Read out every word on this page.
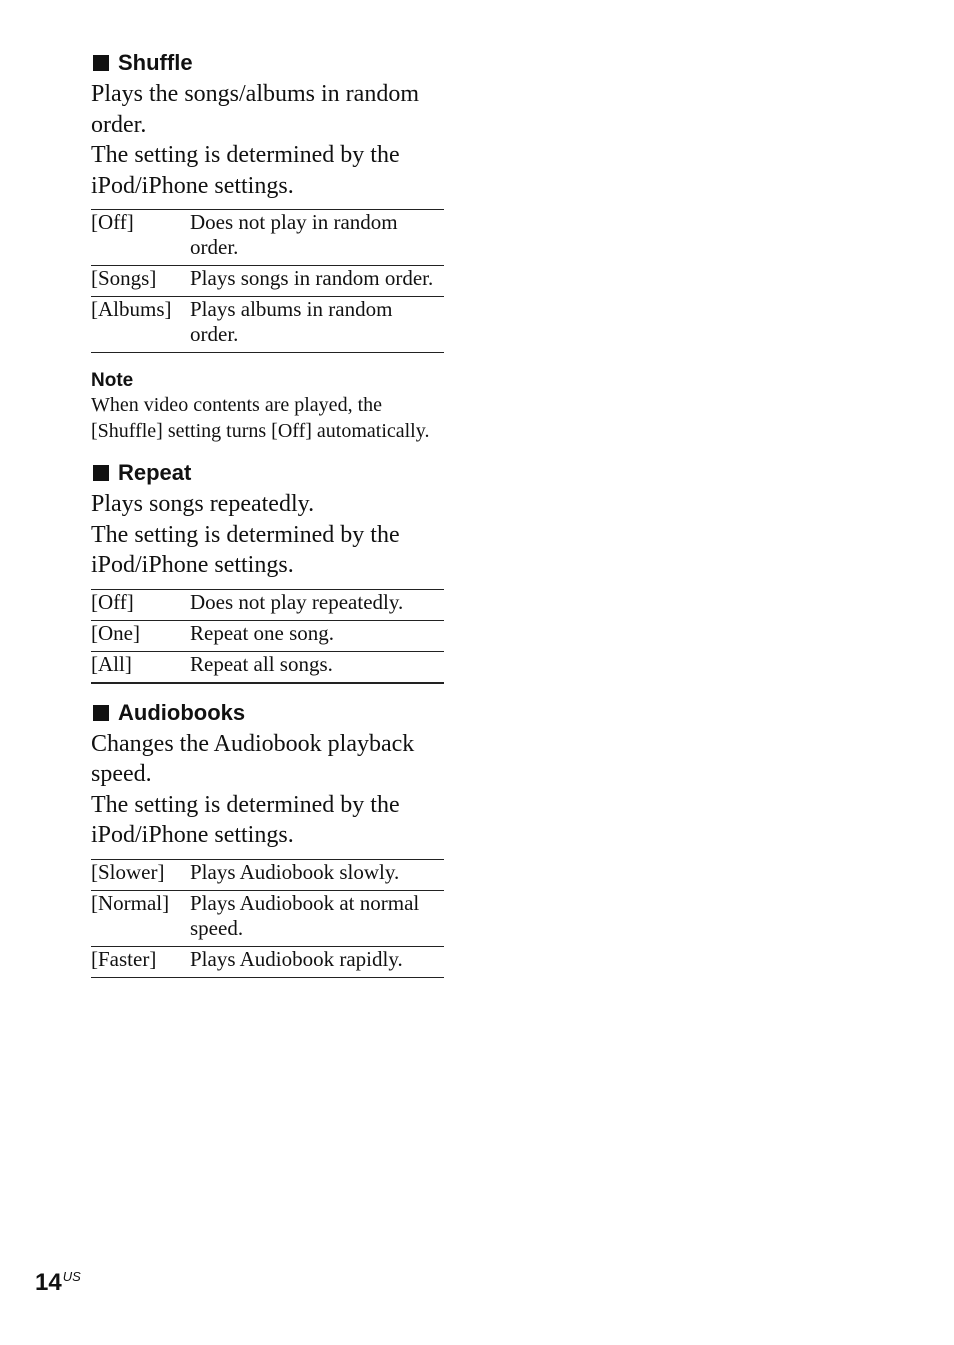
Shuffle

Plays the songs/albums in random order.

The setting is determined by the iPod/iPhone settings.

[Off]	Does not play in random order.
[Songs]	Plays songs in random order.
[Albums]	Plays albums in random order.

Note

When video contents are played, the [Shuffle] setting turns [Off] automatically.

Repeat

Plays songs repeatedly.

The setting is determined by the iPod/iPhone settings.

[Off]	Does not play repeatedly.
[One]	Repeat one song.
[All]	Repeat all songs.
Audiobooks

Changes the Audiobook playback speed.

The setting is determined by the iPod/iPhone settings.

[Slower]	Plays Audiobook slowly.
[Normal]	Plays Audiobook at normal speed.
[Faster]	Plays Audiobook rapidly.
$14^{US}$
